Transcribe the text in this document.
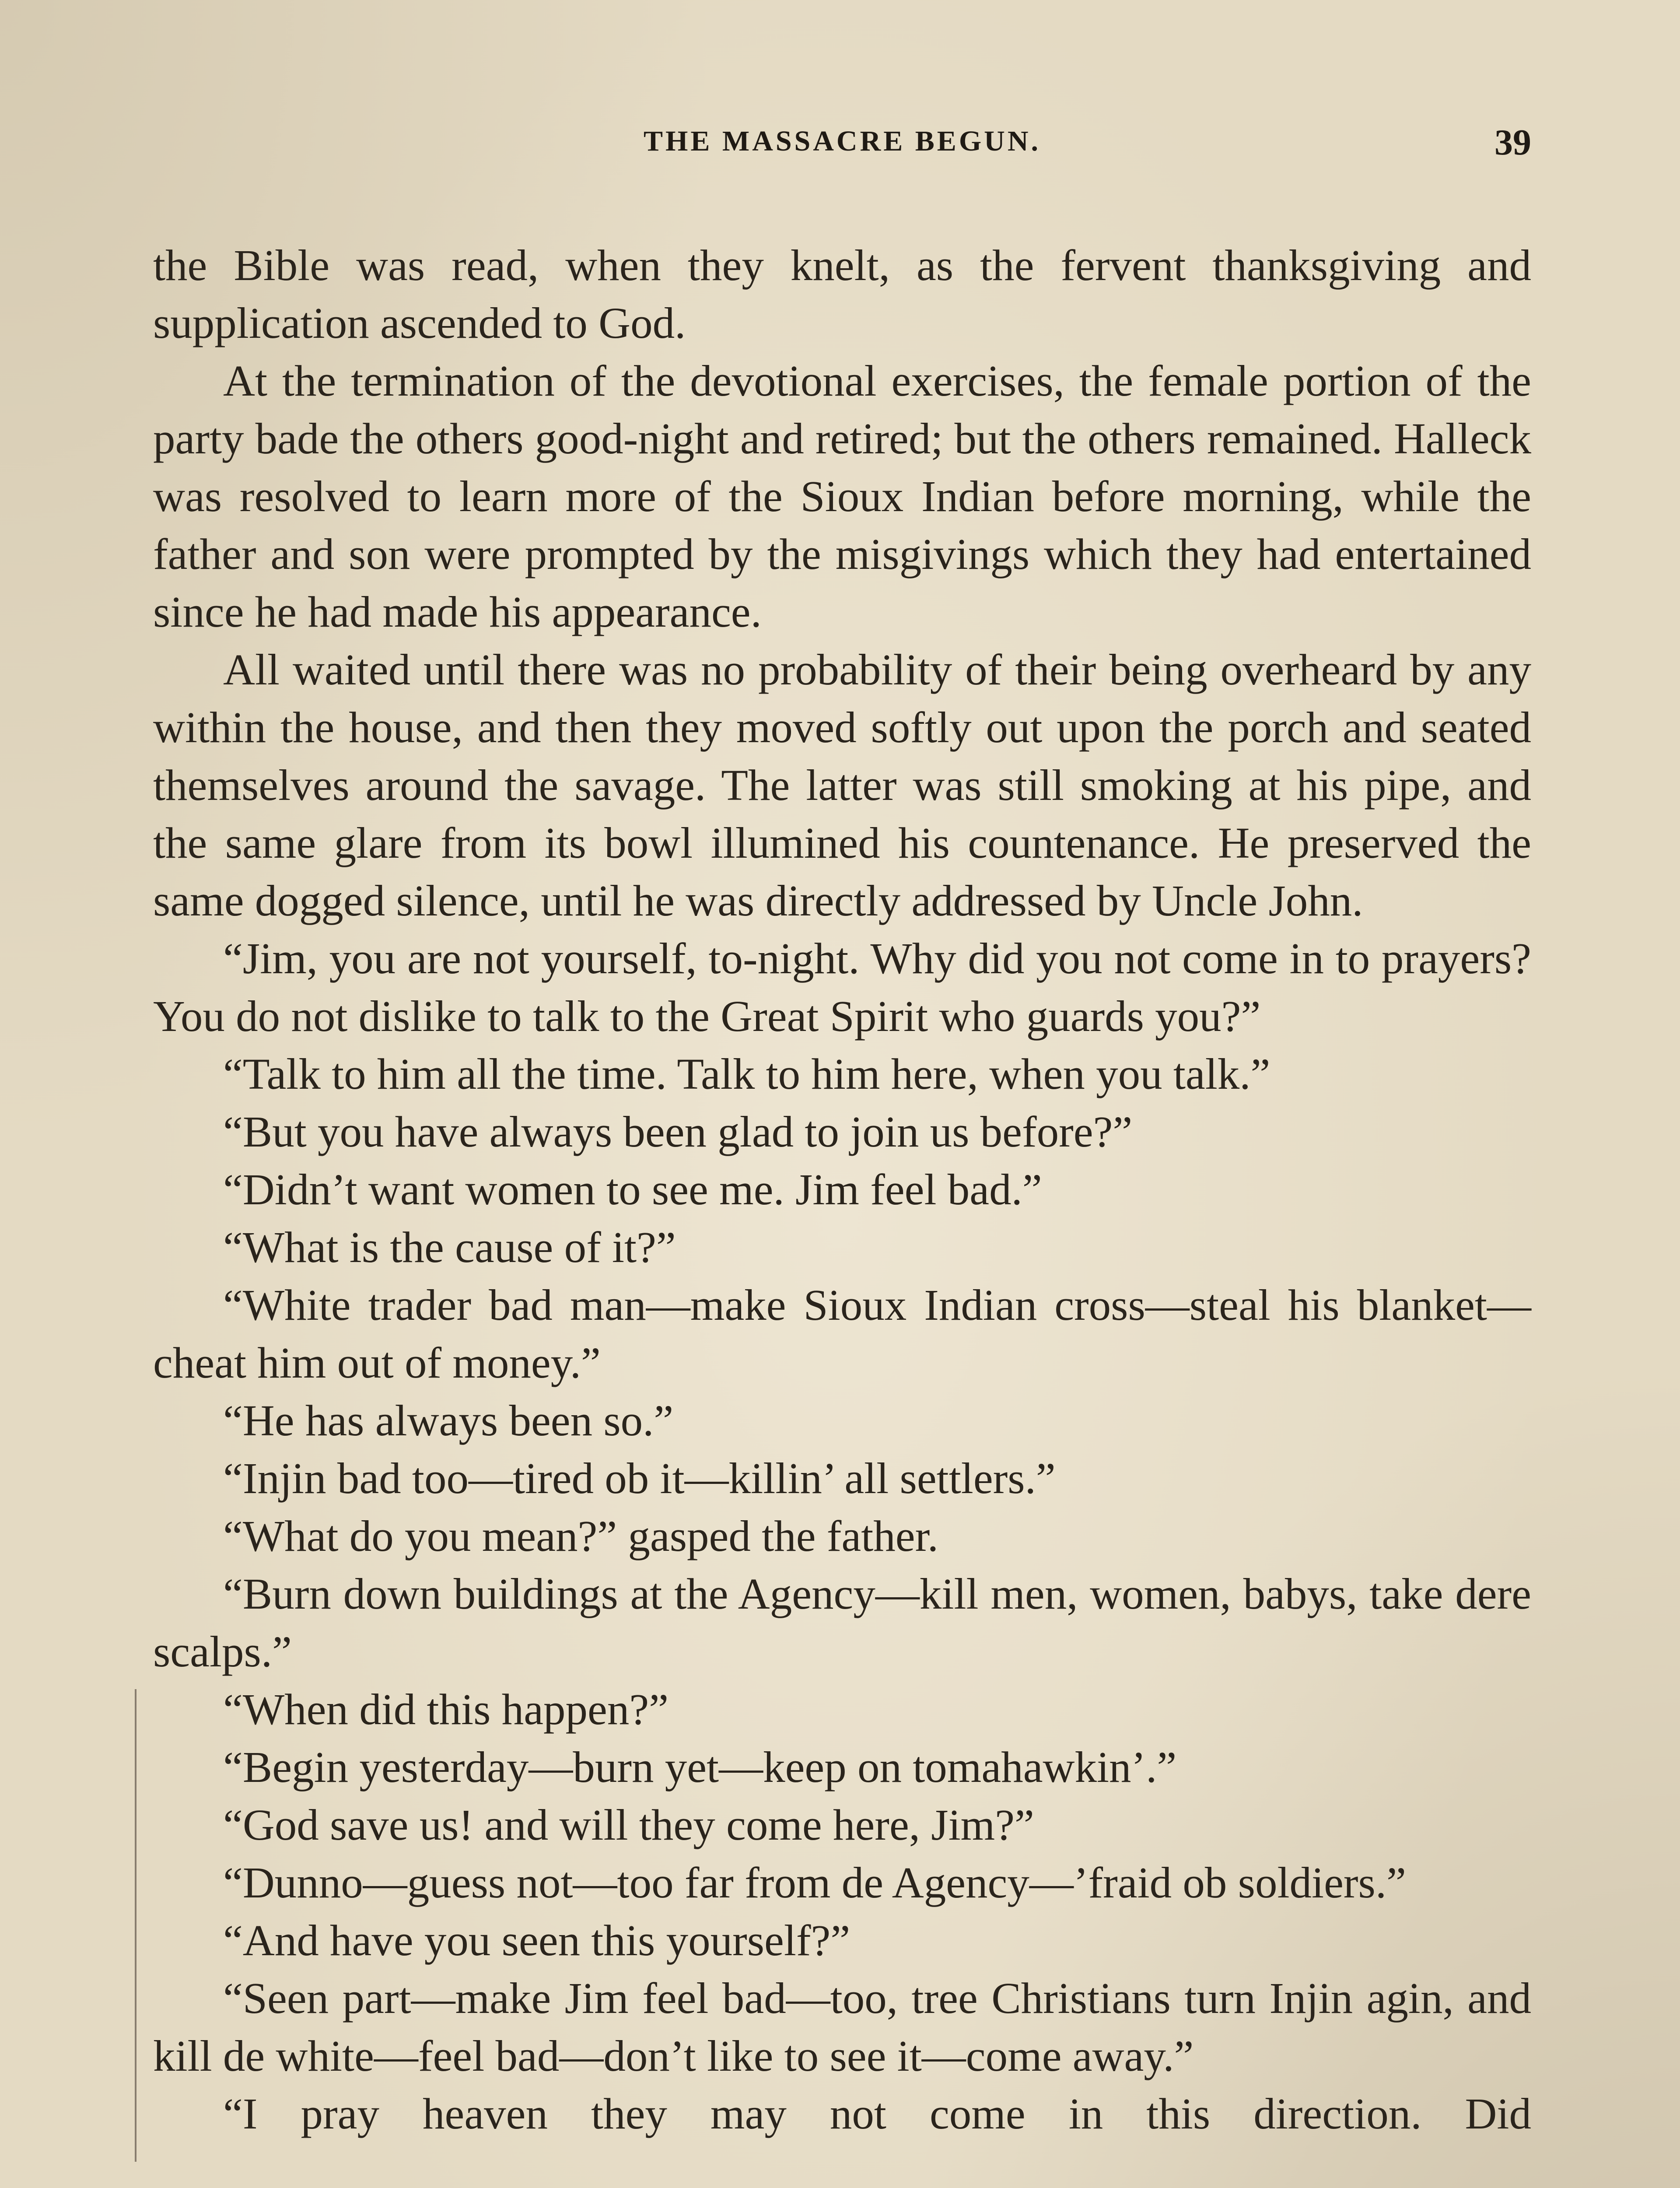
THE MASSACRE BEGUN.	39

the Bible was read, when they knelt, as the fervent thanksgiving and supplication ascended to God.

At the termination of the devotional exercises, the female portion of the party bade the others good-night and retired; but the others remained. Halleck was resolved to learn more of the Sioux Indian before morning, while the father and son were prompted by the misgivings which they had entertained since he had made his appearance.

All waited until there was no probability of their being overheard by any within the house, and then they moved softly out upon the porch and seated themselves around the savage. The latter was still smoking at his pipe, and the same glare from its bowl illumined his countenance. He preserved the same dogged silence, until he was directly addressed by Uncle John.

“Jim, you are not yourself, to-night. Why did you not come in to prayers? You do not dislike to talk to the Great Spirit who guards you?”

“Talk to him all the time. Talk to him here, when you talk.”

“But you have always been glad to join us before?”

“Didn’t want women to see me. Jim feel bad.”

“What is the cause of it?”

“White trader bad man—make Sioux Indian cross—steal his blanket—cheat him out of money.”

“He has always been so.”

“Injin bad too—tired ob it—killin’ all settlers.”

“What do you mean?” gasped the father.

“Burn down buildings at the Agency—kill men, women, babys, take dere scalps.”

“When did this happen?”

“Begin yesterday—burn yet—keep on tomahawkin’.”

“God save us! and will they come here, Jim?”

“Dunno—guess not—too far from de Agency—’fraid ob soldiers.”

“And have you seen this yourself?”

“Seen part—make Jim feel bad—too, tree Christians turn Injin agin, and kill de white—feel bad—don’t like to see it—come away.”

“I pray heaven they may not come in this direction. Did
